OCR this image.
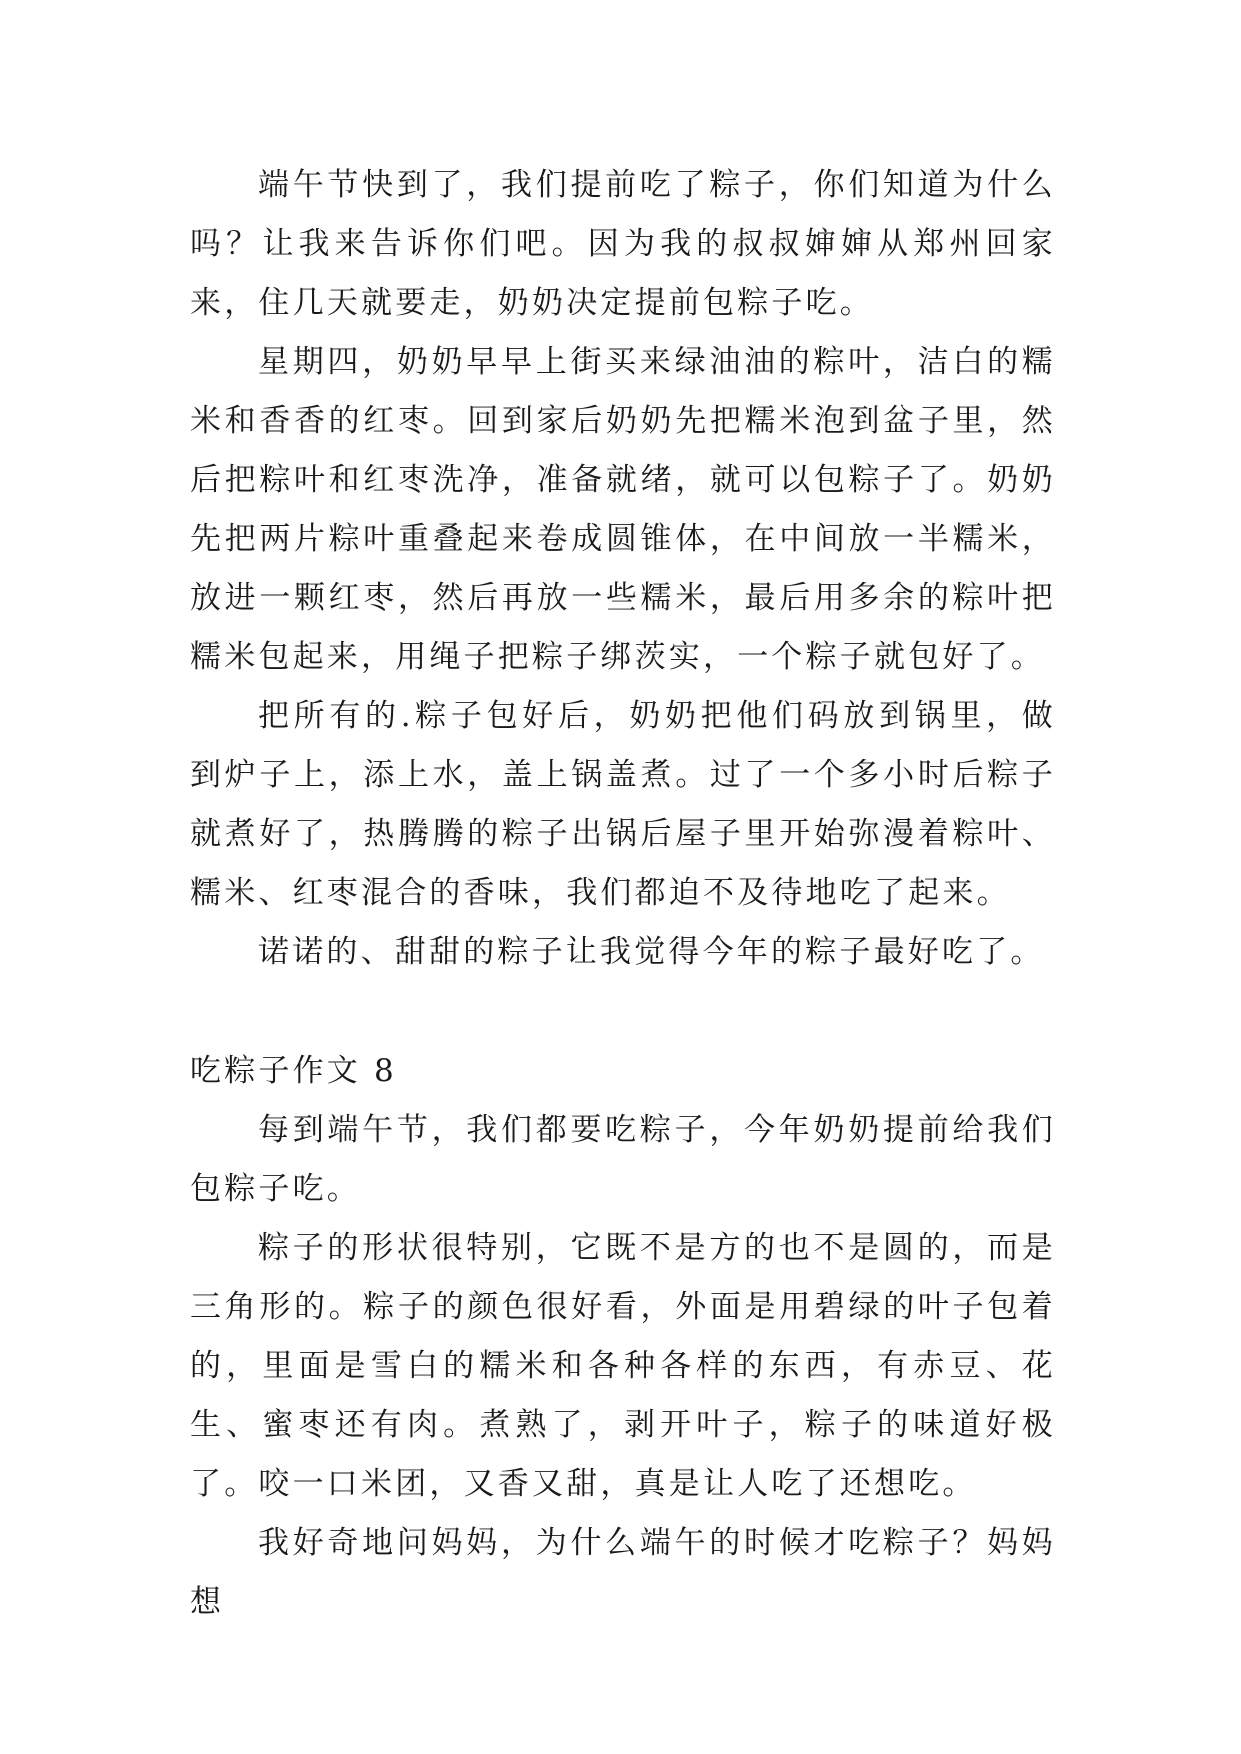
端午节快到了，我们提前吃了粽子，你们知道为什么吗？让我来告诉你们吧。因为我的叔叔婶婶从郑州回家来，住几天就要走，奶奶决定提前包粽子吃。

星期四，奶奶早早上街买来绿油油的粽叶，洁白的糯米和香香的红枣。回到家后奶奶先把糯米泡到盆子里，然后把粽叶和红枣洗净，准备就绪，就可以包粽子了。奶奶先把两片粽叶重叠起来卷成圆锥体，在中间放一半糯米，放进一颗红枣，然后再放一些糯米，最后用多余的粽叶把糯米包起来，用绳子把粽子绑茨实，一个粽子就包好了。

把所有的.粽子包好后，奶奶把他们码放到锅里，做到炉子上，添上水，盖上锅盖煮。过了一个多小时后粽子就煮好了，热腾腾的粽子出锅后屋子里开始弥漫着粽叶、糯米、红枣混合的香味，我们都迫不及待地吃了起来。

诺诺的、甜甜的粽子让我觉得今年的粽子最好吃了。

吃粽子作文 8

每到端午节，我们都要吃粽子，今年奶奶提前给我们包粽子吃。

粽子的形状很特别，它既不是方的也不是圆的，而是三角形的。粽子的颜色很好看，外面是用碧绿的叶子包着的，里面是雪白的糯米和各种各样的东西，有赤豆、花生、蜜枣还有肉。煮熟了，剥开叶子，粽子的味道好极了。咬一口米团，又香又甜，真是让人吃了还想吃。

我好奇地问妈妈，为什么端午的时候才吃粽子？妈妈想
